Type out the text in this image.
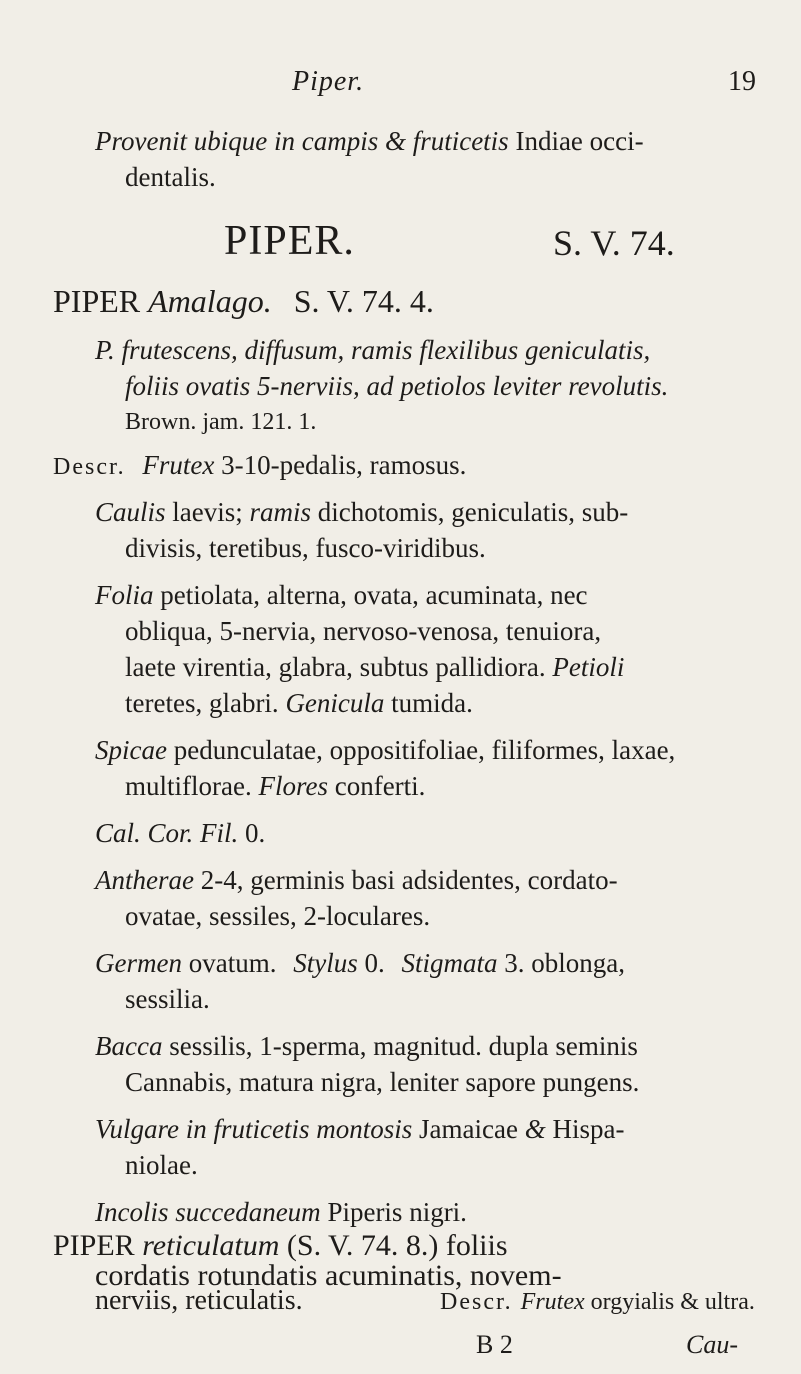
Piper.	19
Provenit ubique in campis & fruticetis Indiae occi-
dentalis.
PIPER.	S. V. 74.
PIPER Amalago. S. V. 74. 4.
P. frutescens, diffusum, ramis flexilibus geniculatis,
foliis ovatis 5-nerviis, ad petiolos leviter revolutis.
Brown. jam. 121. 1.
Descr. Frutex 3-10-pedalis, ramosus.
Caulis laevis; ramis dichotomis, geniculatis, sub-
divisis, teretibus, fusco-viridibus.
Folia petiolata, alterna, ovata, acuminata, nec
obliqua, 5-nervia, nervoso-venosa, tenuiora,
laete virentia, glabra, subtus pallidiora. Petioli
teretes, glabri. Genicula tumida.
Spicae pedunculatae, oppositifoliae, filiformes, laxae,
multiflorae. Flores conferti.
Cal. Cor. Fil. 0.
Antherae 2-4, germinis basi adsidentes, cordato-
ovatae, sessiles, 2-loculares.
Germen ovatum. Stylus 0. Stigmata 3. oblonga,
sessilia.
Bacca sessilis, 1-sperma, magnitud. dupla seminis
Cannabis, matura nigra, leniter sapore pungens.
Vulgare in fruticetis montosis Jamaicae & Hispa-
niolae.
Incolis succedaneum Piperis nigri.
PIPER reticulatum (S. V. 74. 8.) foliis
cordatis rotundatis acuminatis, novem-
B 2	Cau-
nerviis, reticulatis.	Descr. Frutex orgyialis & ultra.
